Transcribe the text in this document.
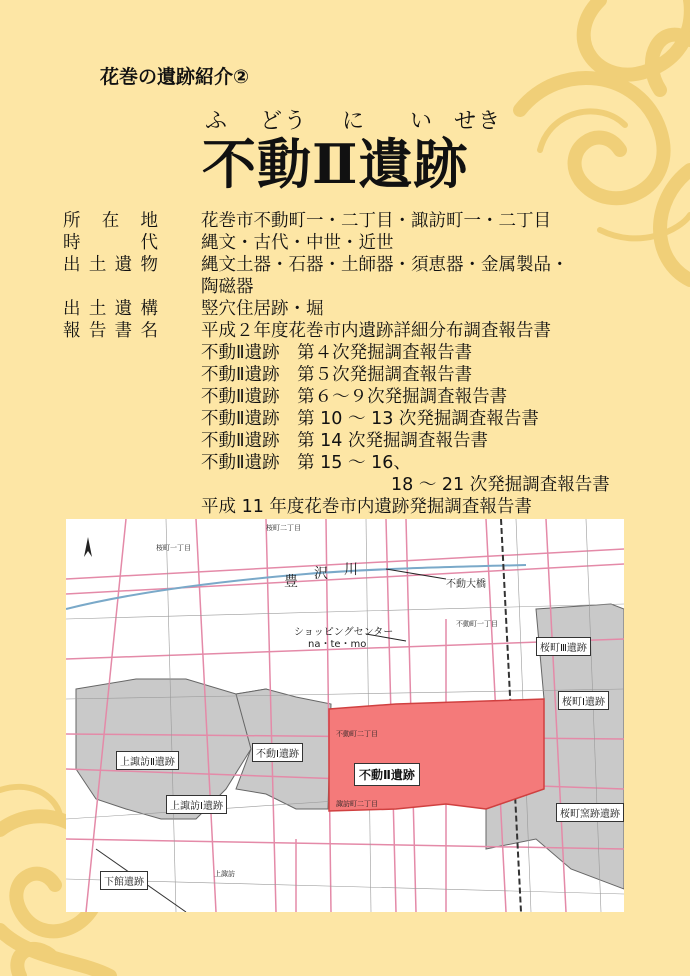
花巻の遺跡紹介②
ふ どう に い せき
不動Ⅱ遺跡
所 在 地 花巻市不動町一・二丁目・諏訪町一・二丁目
時	代 縄文・古代・中世・近世
出 土 遺 物 縄文土器・石器・土師器・須恵器・金属製品・
陶磁器
出 土 遺 構 竪穴住居跡・堀
報 告 書 名 平成２年度花巻市内遺跡詳細分布調査報告書
不動Ⅱ遺跡　第４次発掘調査報告書
不動Ⅱ遺跡　第５次発掘調査報告書
不動Ⅱ遺跡　第６～９次発掘調査報告書
不動Ⅱ遺跡　第 10 ～ 13 次発掘調査報告書
不動Ⅱ遺跡　第 14 次発掘調査報告書
不動Ⅱ遺跡　第 15 ～ 16、
18 ～ 21 次発掘調査報告書
平成 11 年度花巻市内遺跡発掘調査報告書
豊 沢 川
不動大橋
ショッピングセンター
na・te・mo
桜町二丁目
桜町一丁目
不動町一丁目
不動町二丁目
諏訪町二丁目
上諏訪
上諏訪Ⅱ遺跡
上諏訪Ⅰ遺跡
不動Ⅰ遺跡
不動Ⅱ遺跡
桜町Ⅲ遺跡
桜町Ⅰ遺跡
桜町窯跡遺跡
下館遺跡
